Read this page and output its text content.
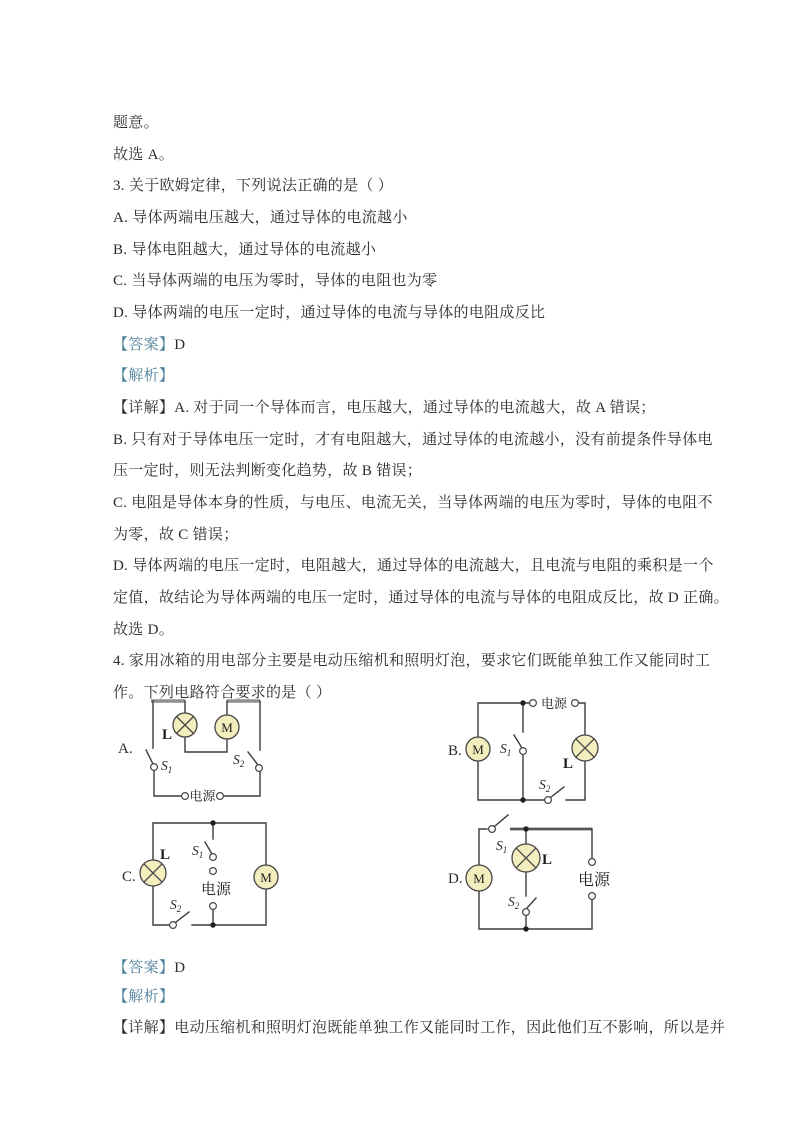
题意。

故选 A。

3. 关于欧姆定律，下列说法正确的是（ ）

A. 导体两端电压越大，通过导体的电流越小

B. 导体电阻越大，通过导体的电流越小

C. 当导体两端的电压为零时，导体的电阻也为零

D. 导体两端的电压一定时，通过导体的电流与导体的电阻成反比

【答案】D

【解析】

【详解】A. 对于同一个导体而言，电压越大，通过导体的电流越大，故 A 错误；

B. 只有对于导体电压一定时，才有电阻越大，通过导体的电流越小，没有前提条件导体电

压一定时，则无法判断变化趋势，故 B 错误；

C. 电阻是导体本身的性质，与电压、电流无关，当导体两端的电压为零时，导体的电阻不

为零，故 C 错误；

D. 导体两端的电压一定时，电阻越大，通过导体的电流越大，且电流与电阻的乘积是一个

定值，故结论为导体两端的电压一定时，通过导体的电流与导体的电阻成反比，故 D 正确。

故选 D。

4. 家用冰箱的用电部分主要是电动压缩机和照明灯泡，要求它们既能单独工作又能同时工

作。下列电路符合要求的是（ ）

A.
L	M
$S_1$
$S_2$
电源
B.
电源
M $S_1$
L
$S_2$
C.
L $S_1$
电源
M
$S_2$
D.
$S_1$
M
L
$S_2$
电源

【答案】D

【解析】

【详解】电动压缩机和照明灯泡既能单独工作又能同时工作，因此他们互不影响，所以是并
